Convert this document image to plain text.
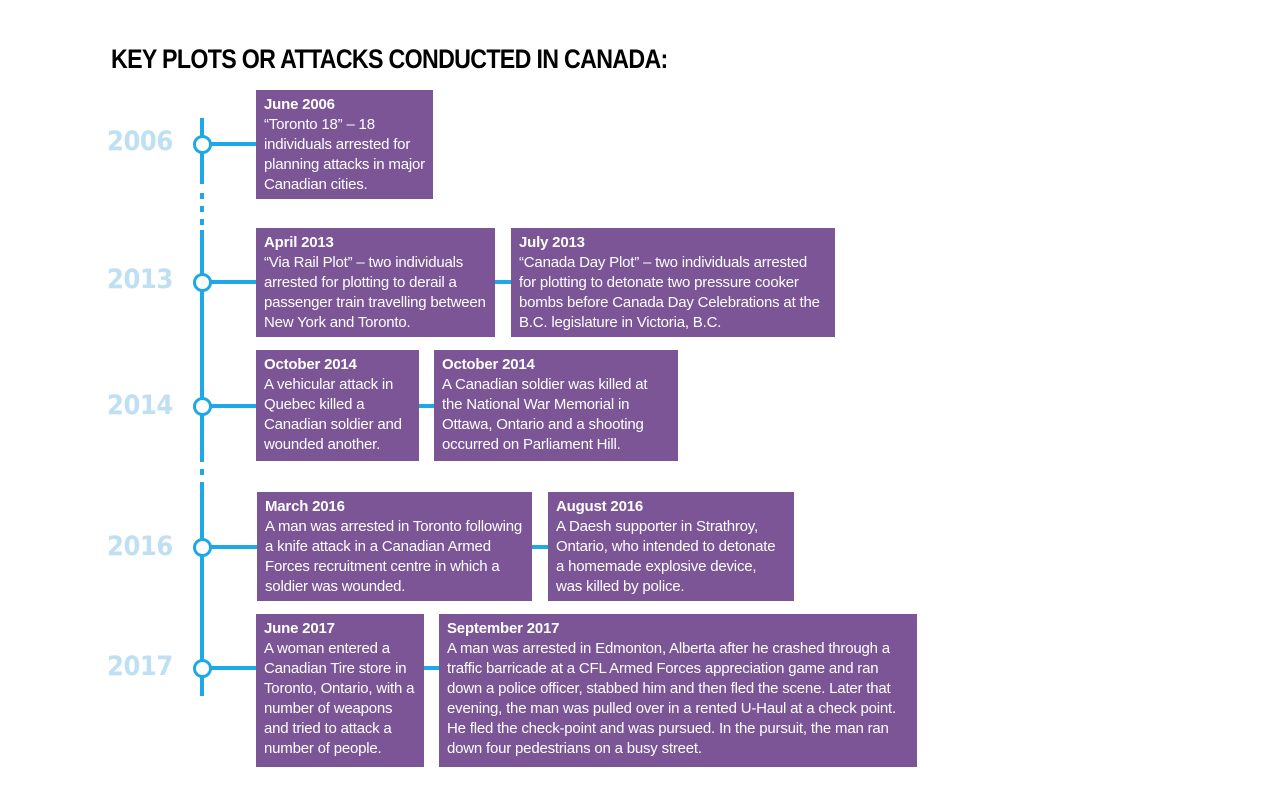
KEY PLOTS OR ATTACKS CONDUCTED IN CANADA:
2006
June 2006
“Toronto 18” – 18 individuals arrested for planning attacks in major Canadian cities.
2013
April 2013
“Via Rail Plot” – two individuals arrested for plotting to derail a passenger train travelling between New York and Toronto.
July 2013
“Canada Day Plot” – two individuals arrested for plotting to detonate two pressure cooker bombs before Canada Day Celebrations at the B.C. legislature in Victoria, B.C.
2014
October 2014
A vehicular attack in Quebec killed a Canadian soldier and wounded another.
October 2014
A Canadian soldier was killed at the National War Memorial in Ottawa, Ontario and a shooting occurred on Parliament Hill.
2016
March 2016
A man was arrested in Toronto following a knife attack in a Canadian Armed Forces recruitment centre in which a soldier was wounded.
August 2016
A Daesh supporter in Strathroy, Ontario, who intended to detonate a homemade explosive device, was killed by police.
2017
June 2017
A woman entered a Canadian Tire store in Toronto, Ontario, with a number of weapons and tried to attack a number of people.
September 2017
A man was arrested in Edmonton, Alberta after he crashed through a traffic barricade at a CFL Armed Forces appreciation game and ran down a police officer, stabbed him and then fled the scene. Later that evening, the man was pulled over in a rented U-Haul at a check point. He fled the check-point and was pursued. In the pursuit, the man ran down four pedestrians on a busy street.
